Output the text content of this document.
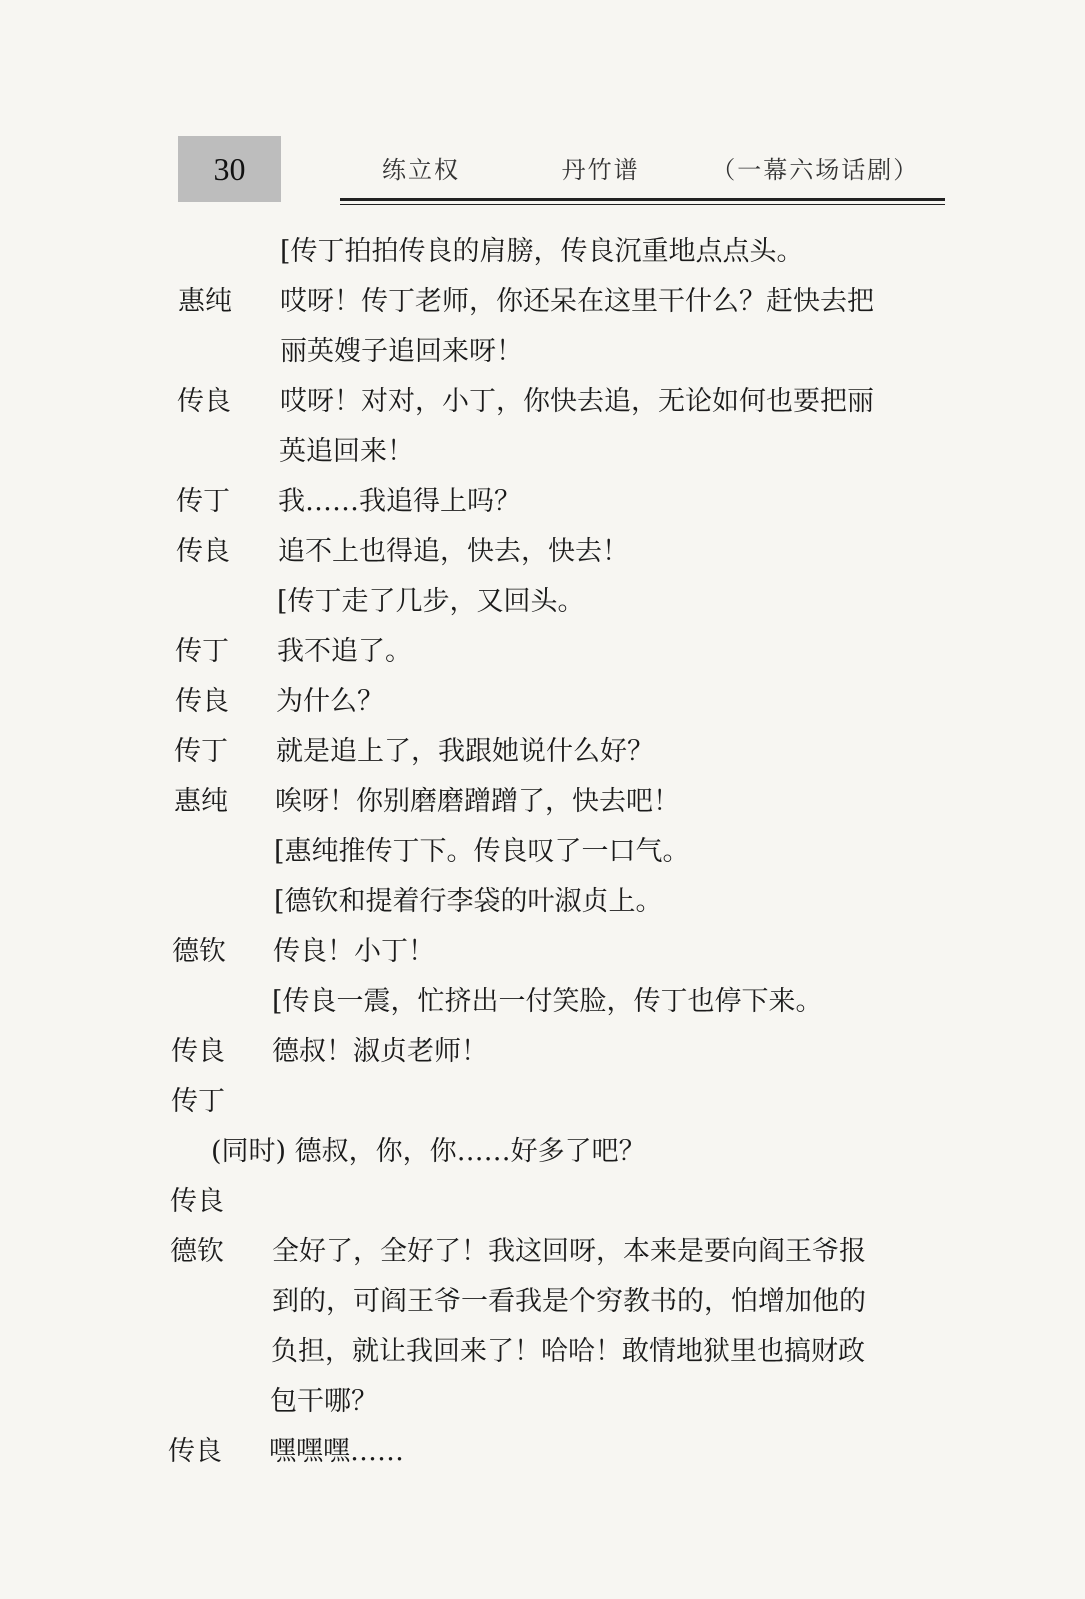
30	练立权	丹竹谱	（一幕六场话剧）
[传丁拍拍传良的肩膀，传良沉重地点点头。
惠纯 哎呀！传丁老师，你还呆在这里干什么？赶快去把
丽英嫂子追回来呀！
传良 哎呀！对对，小丁，你快去追，无论如何也要把丽
英追回来！
传丁 我……我追得上吗？
传良 追不上也得追，快去，快去！
[传丁走了几步，又回头。
传丁 我不追了。
传良 为什么？
传丁 就是追上了，我跟她说什么好？
惠纯 唉呀！你别磨磨蹭蹭了，快去吧！
[惠纯推传丁下。传良叹了一口气。
[德钦和提着行李袋的叶淑贞上。
德钦 传良！小丁！
[传良一震，忙挤出一付笑脸，传丁也停下来。
传良 德叔！淑贞老师！
传丁
(同时) 德叔，你，你……好多了吧？
传良
德钦 全好了，全好了！我这回呀，本来是要向阎王爷报
到的，可阎王爷一看我是个穷教书的，怕增加他的
负担，就让我回来了！哈哈！敢情地狱里也搞财政
包干哪？
传良 嘿嘿嘿……
